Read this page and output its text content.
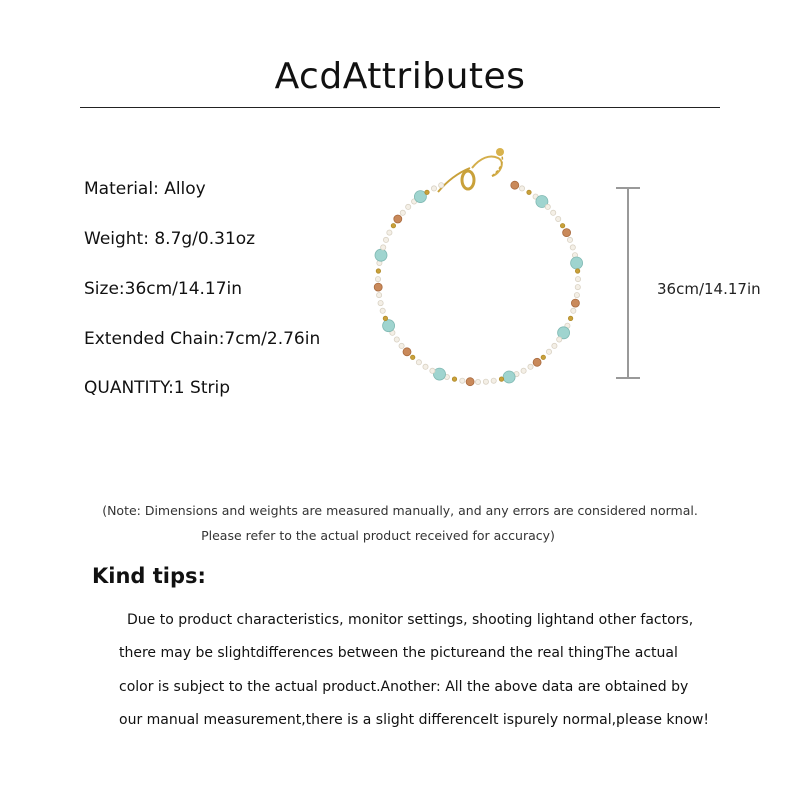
AcdAttributes
Material: Alloy
Weight: 8.7g/0.31oz
Size:36cm/14.17in
Extended Chain:7cm/2.76in
QUANTITY:1 Strip
36cm/14.17in
(Note: Dimensions and weights are measured manually, and any errors are considered normal.
Please refer to the actual product received for accuracy)
Kind tips:
Due to product characteristics, monitor settings, shooting lightand other factors,
there may be slightdifferences between the pictureand the real thingThe actual
color is subject to the actual product.Another: All the above data are obtained by
our manual measurement,there is a slight differenceIt ispurely normal,please know!
